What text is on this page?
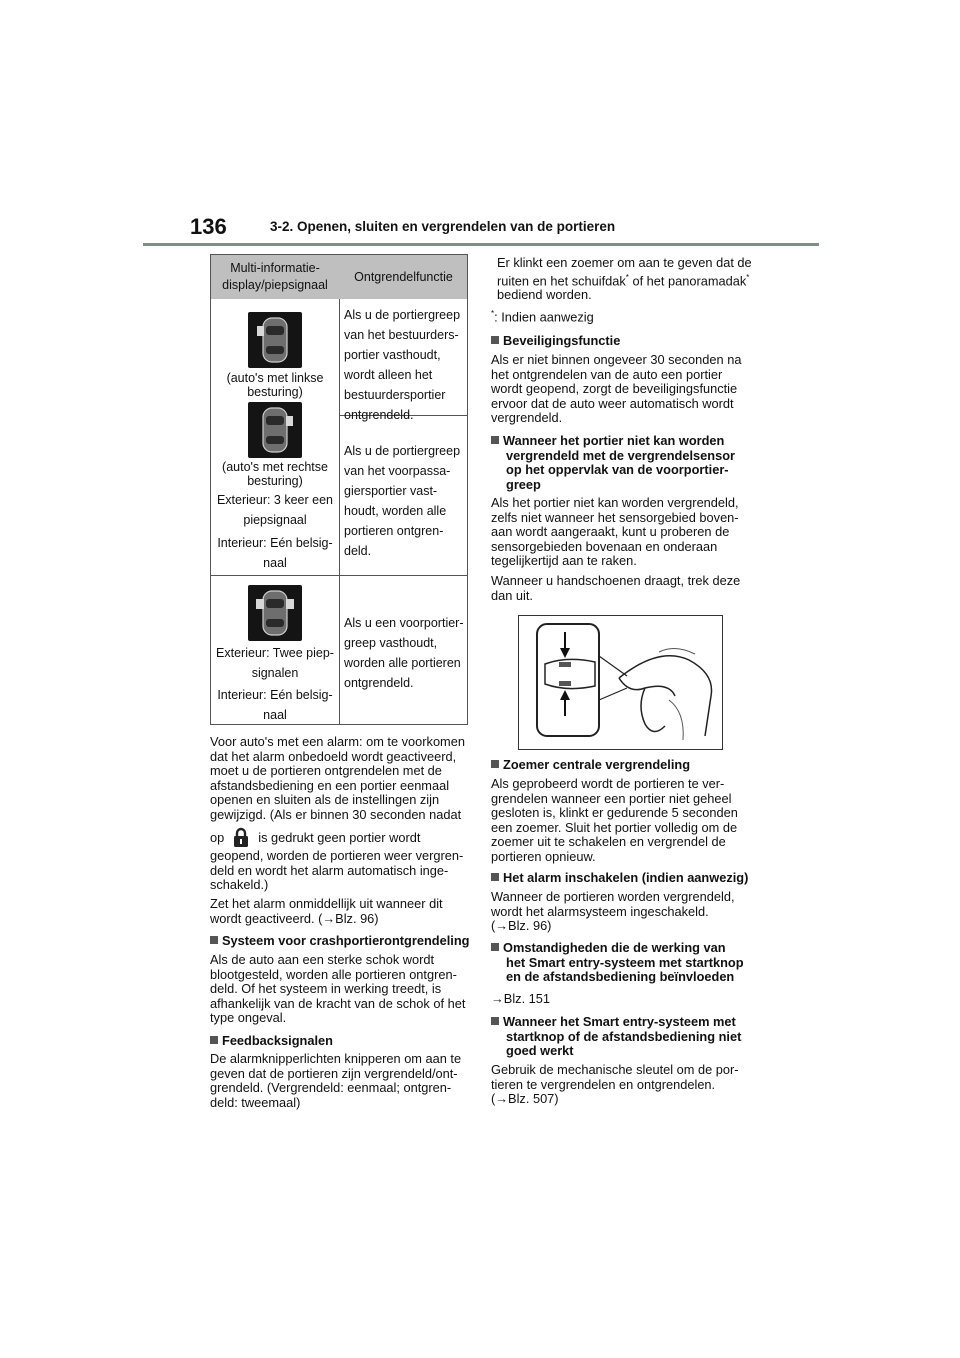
136	3-2. Openen, sluiten en vergrendelen van de portieren
Multi-informatie-
display/piepsignaal
Ontgrendelfunctie
(auto's met linkse
besturing)
(auto's met rechtse
besturing)
Exterieur: 3 keer een
piepsignaal
Interieur: Eén belsig-
naal
Als u de portiergreep
van het bestuurders-
portier vasthoudt,
wordt alleen het
bestuurdersportier
ontgrendeld.
Als u de portiergreep
van het voorpassa-
giersportier vast-
houdt, worden alle
portieren ontgren-
deld.
Exterieur: Twee piep-
signalen
Interieur: Eén belsig-
naal
Als u een voorportier-
greep vasthoudt,
worden alle portieren
ontgrendeld.
Voor auto's met een alarm: om te voorkomen
dat het alarm onbedoeld wordt geactiveerd,
moet u de portieren ontgrendelen met de
afstandsbediening en een portier eenmaal
openen en sluiten als de instellingen zijn
gewijzigd. (Als er binnen 30 seconden nadat
op	is gedrukt geen portier wordt
geopend, worden de portieren weer vergren-
deld en wordt het alarm automatisch inge-
schakeld.)
Zet het alarm onmiddellijk uit wanneer dit
wordt geactiveerd. (→Blz. 96)
Systeem voor crashportierontgrendeling
Als de auto aan een sterke schok wordt
blootgesteld, worden alle portieren ontgren-
deld. Of het systeem in werking treedt, is
afhankelijk van de kracht van de schok of het
type ongeval.
Feedbacksignalen
De alarmknipperlichten knipperen om aan te
geven dat de portieren zijn vergrendeld/ont-
grendeld. (Vergrendeld: eenmaal; ontgren-
deld: tweemaal)
Er klinkt een zoemer om aan te geven dat de
ruiten en het schuifdak* of het panoramadak*
bediend worden.
*: Indien aanwezig
Beveiligingsfunctie
Als er niet binnen ongeveer 30 seconden na
het ontgrendelen van de auto een portier
wordt geopend, zorgt de beveiligingsfunctie
ervoor dat de auto weer automatisch wordt
vergrendeld.
Wanneer het portier niet kan worden
vergrendeld met de vergrendelsensor
op het oppervlak van de voorportier-
greep
Als het portier niet kan worden vergrendeld,
zelfs niet wanneer het sensorgebied boven-
aan wordt aangeraakt, kunt u proberen de
sensorgebieden bovenaan en onderaan
tegelijkertijd aan te raken.
Wanneer u handschoenen draagt, trek deze
dan uit.
Zoemer centrale vergrendeling
Als geprobeerd wordt de portieren te ver-
grendelen wanneer een portier niet geheel
gesloten is, klinkt er gedurende 5 seconden
een zoemer. Sluit het portier volledig om de
zoemer uit te schakelen en vergrendel de
portieren opnieuw.
Het alarm inschakelen (indien aanwezig)
Wanneer de portieren worden vergrendeld,
wordt het alarmsysteem ingeschakeld.
(→Blz. 96)
Omstandigheden die de werking van
het Smart entry-systeem met startknop
en de afstandsbediening beïnvloeden
→Blz. 151
Wanneer het Smart entry-systeem met
startknop of de afstandsbediening niet
goed werkt
Gebruik de mechanische sleutel om de por-
tieren te vergrendelen en ontgrendelen.
(→Blz. 507)
